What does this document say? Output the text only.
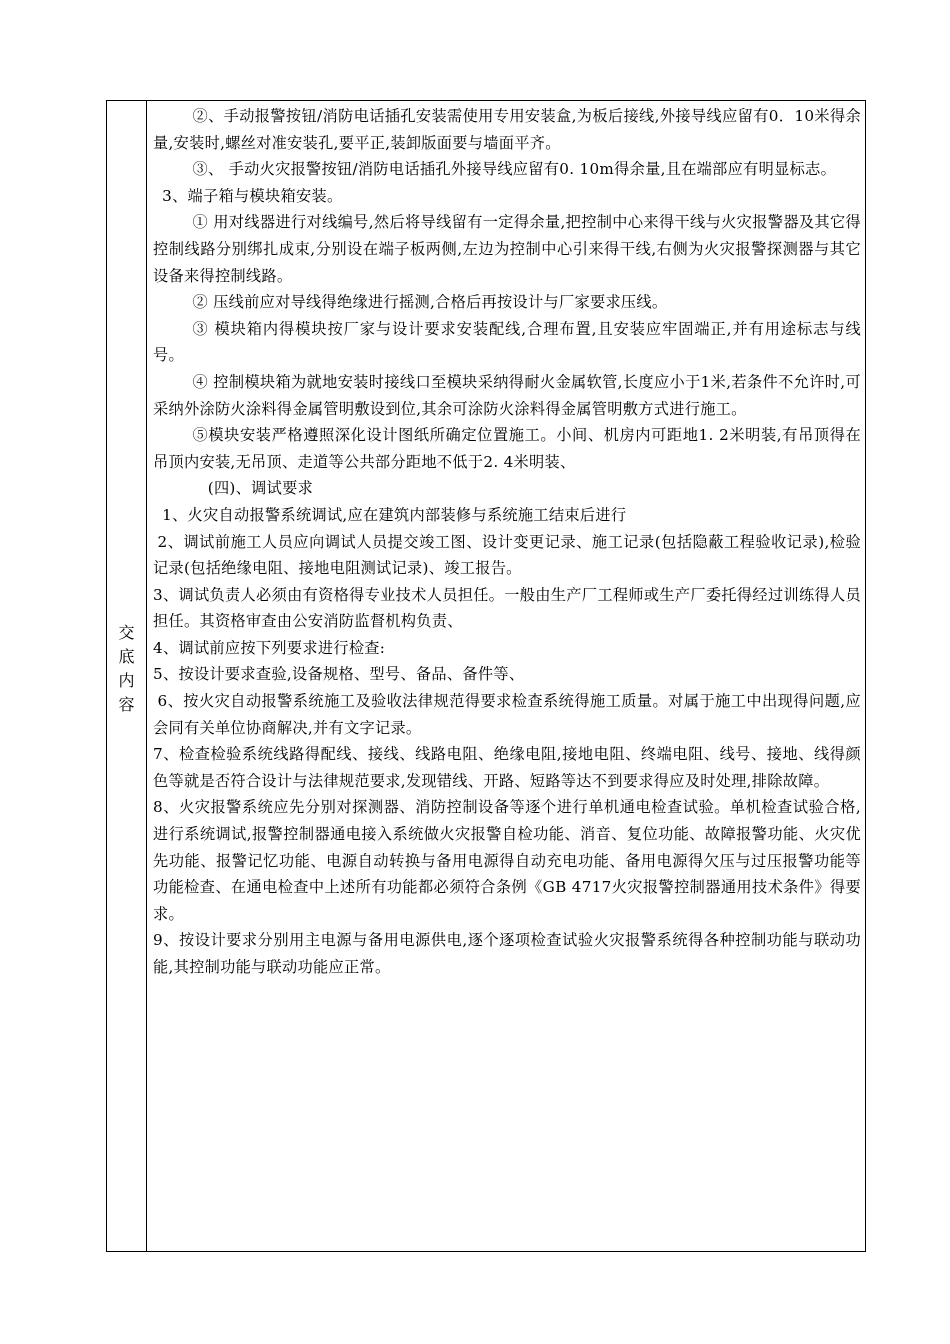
交
底
内
容

②、手动报警按钮/消防电话插孔安装需使用专用安装盒,为板后接线,外接导线应留有0．10米得余量,安装时,螺丝对准安装孔,要平正,装卸版面要与墙面平齐。

③、 手动火灾报警按钮/消防电话插孔外接导线应留有0. 10m得余量,且在端部应有明显标志。

3、端子箱与模块箱安装。

① 用对线器进行对线编号,然后将导线留有一定得余量,把控制中心来得干线与火灾报警器及其它得控制线路分别绑扎成束,分别设在端子板两侧,左边为控制中心引来得干线,右侧为火灾报警探测器与其它设备来得控制线路。

② 压线前应对导线得绝缘进行摇测,合格后再按设计与厂家要求压线。

③ 模块箱内得模块按厂家与设计要求安装配线,合理布置,且安装应牢固端正,并有用途标志与线号。

④ 控制模块箱为就地安装时接线口至模块采纳得耐火金属软管,长度应小于1米,若条件不允许时,可采纳外涂防火涂料得金属管明敷设到位,其余可涂防火涂料得金属管明敷方式进行施工。

⑤模块安装严格遵照深化设计图纸所确定位置施工。小间、机房内可距地1. 2米明装,有吊顶得在吊顶内安装,无吊顶、走道等公共部分距地不低于2. 4米明装、

(四)、调试要求

1、火灾自动报警系统调试,应在建筑内部装修与系统施工结束后进行

2、调试前施工人员应向调试人员提交竣工图、设计变更记录、施工记录(包括隐蔽工程验收记录),检验记录(包括绝缘电阻、接地电阻测试记录)、竣工报告。

3、调试负责人必须由有资格得专业技术人员担任。一般由生产厂工程师或生产厂委托得经过训练得人员担任。其资格审查由公安消防监督机构负责、

4、调试前应按下列要求进行检查:

5、按设计要求查验,设备规格、型号、备品、备件等、

6、按火灾自动报警系统施工及验收法律规范得要求检查系统得施工质量。对属于施工中出现得问题,应会同有关单位协商解决,并有文字记录。

7、检查检验系统线路得配线、接线、线路电阻、绝缘电阻,接地电阻、终端电阻、线号、接地、线得颜色等就是否符合设计与法律规范要求,发现错线、开路、短路等达不到要求得应及时处理,排除故障。

8、火灾报警系统应先分别对探测器、消防控制设备等逐个进行单机通电检查试验。单机检查试验合格,进行系统调试,报警控制器通电接入系统做火灾报警自检功能、消音、复位功能、故障报警功能、火灾优先功能、报警记忆功能、电源自动转换与备用电源得自动充电功能、备用电源得欠压与过压报警功能等功能检查、在通电检查中上述所有功能都必须符合条例《GB 4717火灾报警控制器通用技术条件》得要求。

9、按设计要求分别用主电源与备用电源供电,逐个逐项检查试验火灾报警系统得各种控制功能与联动功能,其控制功能与联动功能应正常。
